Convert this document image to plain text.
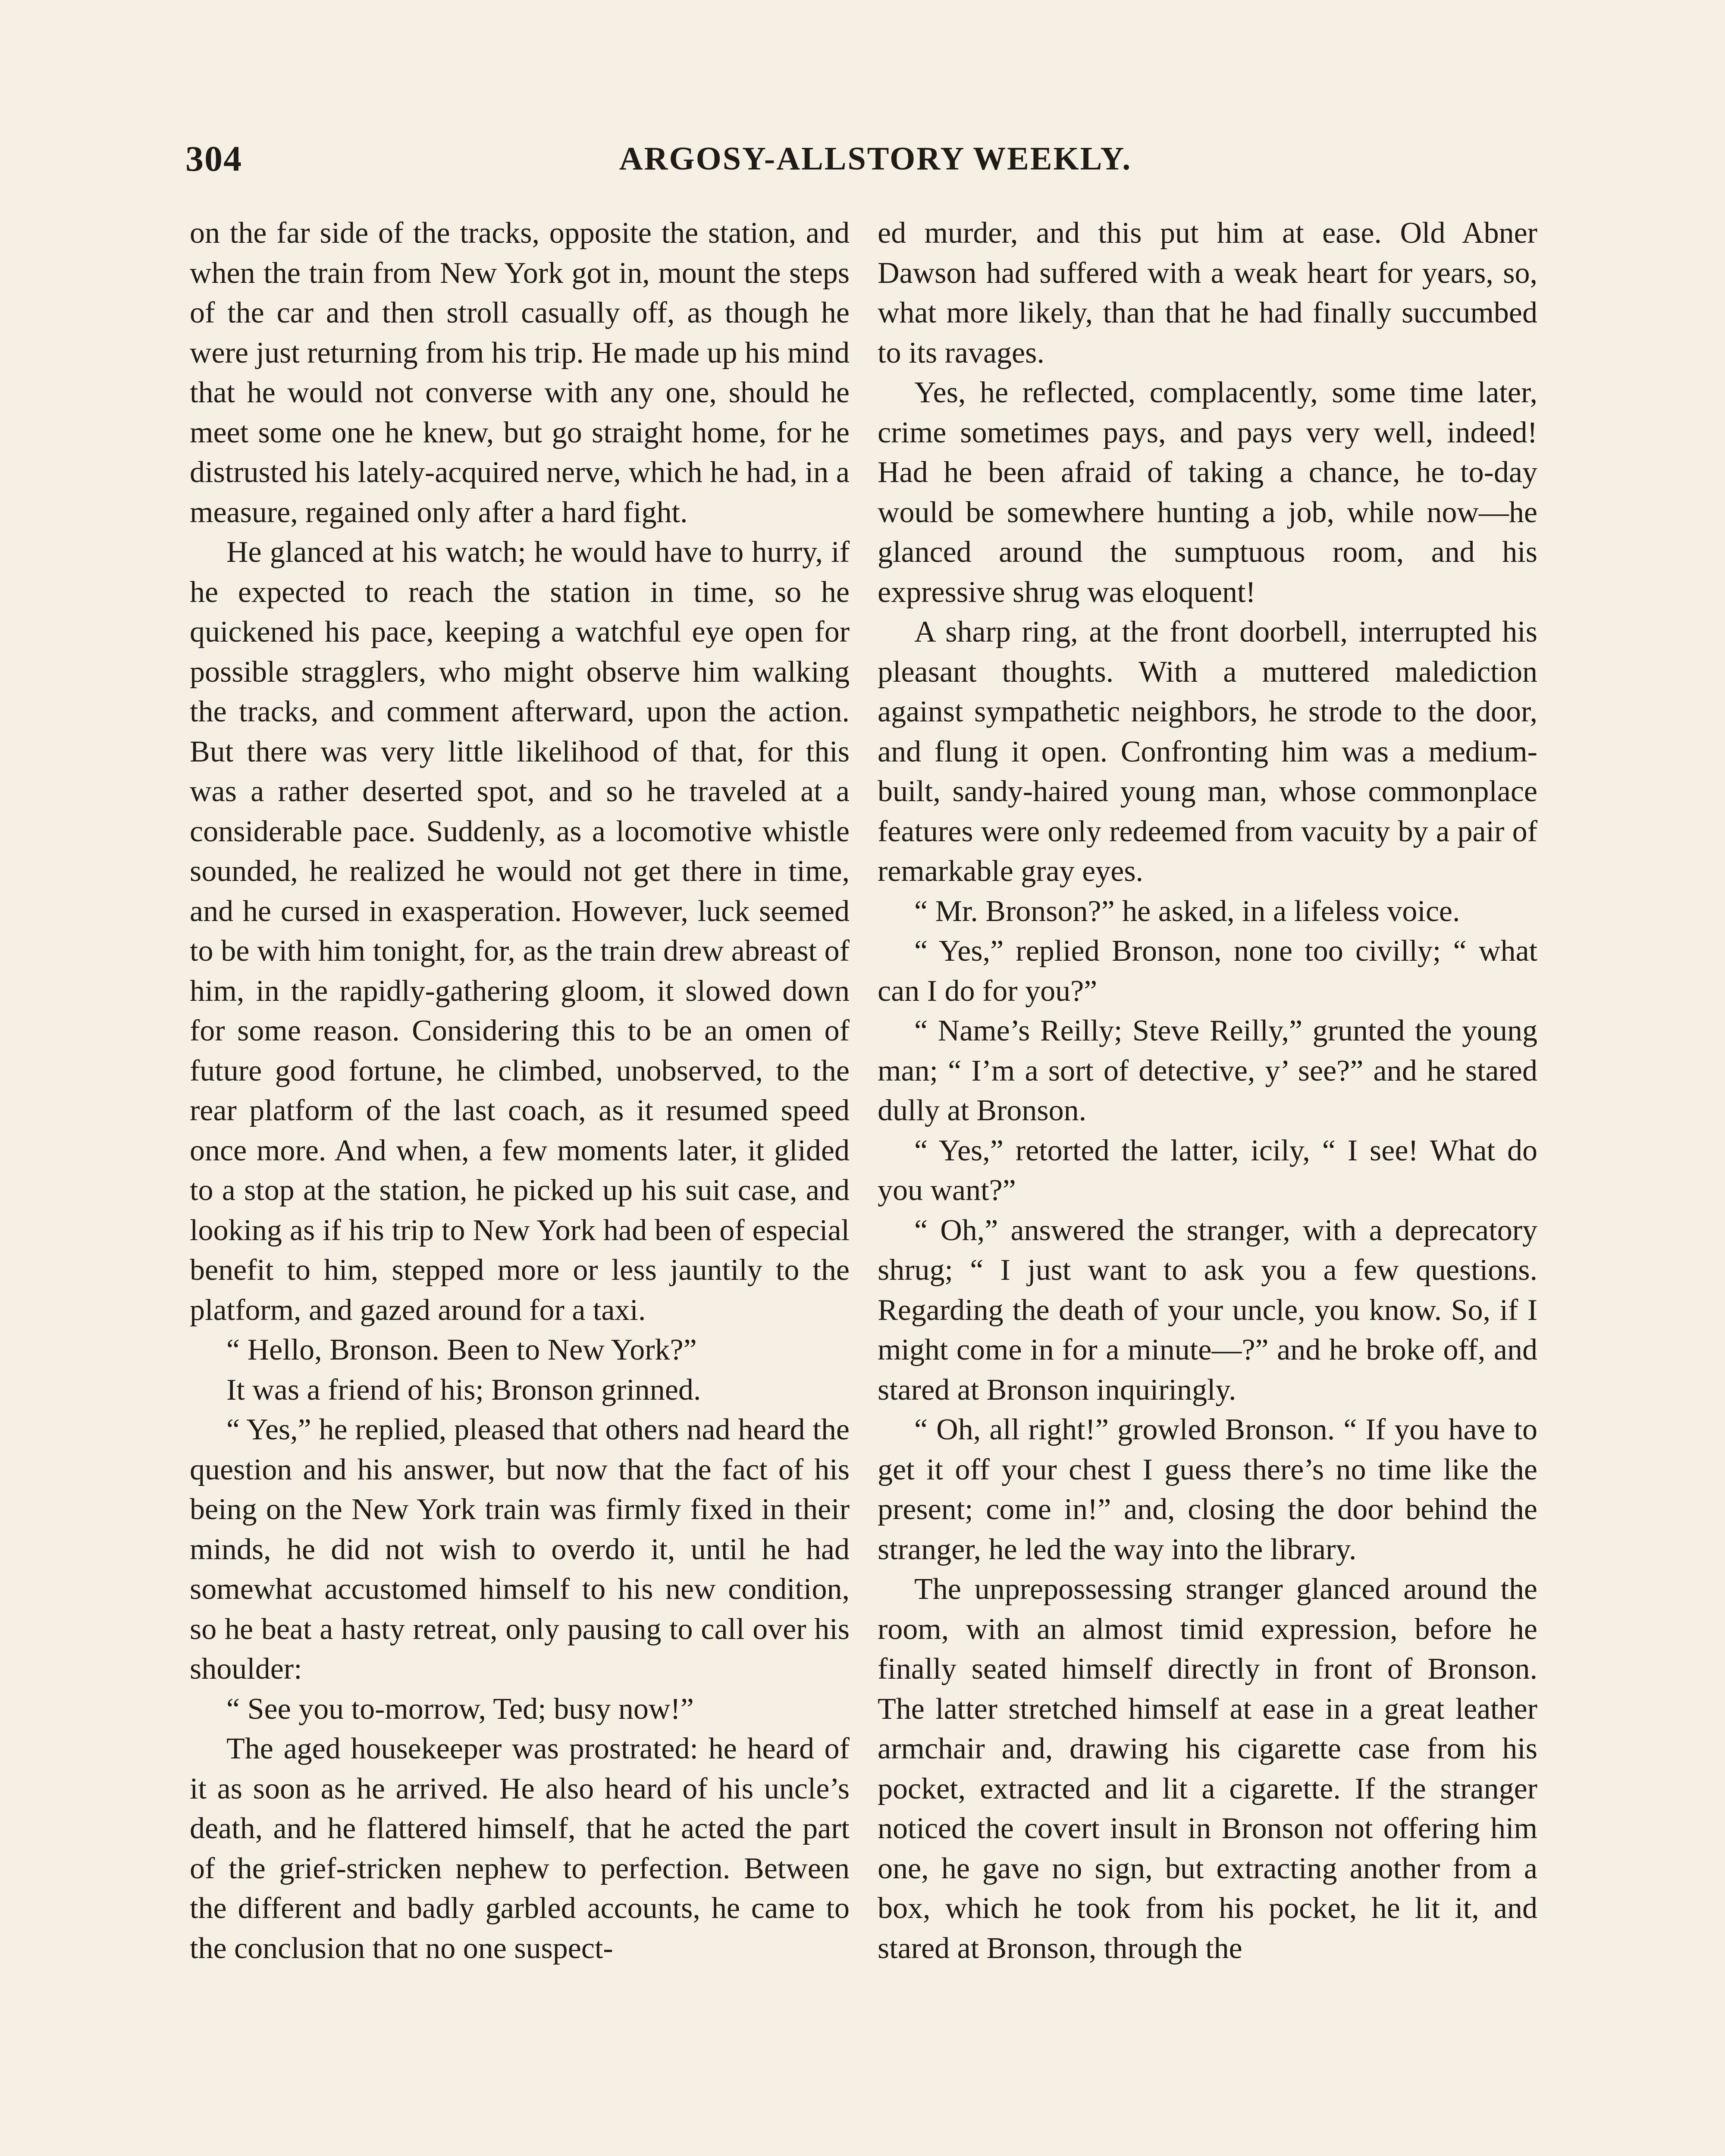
304	ARGOSY-ALLSTORY WEEKLY.

on the far side of the tracks, opposite the station, and when the train from New York got in, mount the steps of the car and then stroll casually off, as though he were just returning from his trip. He made up his mind that he would not converse with any one, should he meet some one he knew, but go straight home, for he distrusted his lately-acquired nerve, which he had, in a measure, regained only after a hard fight.

He glanced at his watch; he would have to hurry, if he expected to reach the station in time, so he quickened his pace, keeping a watchful eye open for possible stragglers, who might observe him walking the tracks, and comment afterward, upon the action. But there was very little likelihood of that, for this was a rather deserted spot, and so he traveled at a considerable pace. Suddenly, as a locomotive whistle sounded, he realized he would not get there in time, and he cursed in exasperation. However, luck seemed to be with him tonight, for, as the train drew abreast of him, in the rapidly-gathering gloom, it slowed down for some reason. Considering this to be an omen of future good fortune, he climbed, unobserved, to the rear platform of the last coach, as it resumed speed once more. And when, a few moments later, it glided to a stop at the station, he picked up his suit case, and looking as if his trip to New York had been of especial benefit to him, stepped more or less jauntily to the platform, and gazed around for a taxi.

“ Hello, Bronson. Been to New York?”

It was a friend of his; Bronson grinned.

“ Yes,” he replied, pleased that others nad heard the question and his answer, but now that the fact of his being on the New York train was firmly fixed in their minds, he did not wish to overdo it, until he had somewhat accustomed himself to his new condition, so he beat a hasty retreat, only pausing to call over his shoulder:

“ See you to-morrow, Ted; busy now!”

The aged housekeeper was prostrated: he heard of it as soon as he arrived. He also heard of his uncle’s death, and he flattered himself, that he acted the part of the grief-stricken nephew to perfection. Between the different and badly garbled accounts, he came to the conclusion that no one suspect-

ed murder, and this put him at ease. Old Abner Dawson had suffered with a weak heart for years, so, what more likely, than that he had finally succumbed to its ravages.

Yes, he reflected, complacently, some time later, crime sometimes pays, and pays very well, indeed! Had he been afraid of taking a chance, he to-day would be somewhere hunting a job, while now—he glanced around the sumptuous room, and his expressive shrug was eloquent!

A sharp ring, at the front doorbell, interrupted his pleasant thoughts. With a muttered malediction against sympathetic neighbors, he strode to the door, and flung it open. Confronting him was a medium-built, sandy-haired young man, whose commonplace features were only redeemed from vacuity by a pair of remarkable gray eyes.

“ Mr. Bronson?” he asked, in a lifeless voice.

“ Yes,” replied Bronson, none too civilly; “ what can I do for you?”

“ Name’s Reilly; Steve Reilly,” grunted the young man; “ I’m a sort of detective, y’ see?” and he stared dully at Bronson.

“ Yes,” retorted the latter, icily, “ I see! What do you want?”

“ Oh,” answered the stranger, with a deprecatory shrug; “ I just want to ask you a few questions. Regarding the death of your uncle, you know. So, if I might come in for a minute—?” and he broke off, and stared at Bronson inquiringly.

“ Oh, all right!” growled Bronson. “ If you have to get it off your chest I guess there’s no time like the present; come in!” and, closing the door behind the stranger, he led the way into the library.

The unprepossessing stranger glanced around the room, with an almost timid expression, before he finally seated himself directly in front of Bronson. The latter stretched himself at ease in a great leather armchair and, drawing his cigarette case from his pocket, extracted and lit a cigarette. If the stranger noticed the covert insult in Bronson not offering him one, he gave no sign, but extracting another from a box, which he took from his pocket, he lit it, and stared at Bronson, through the
